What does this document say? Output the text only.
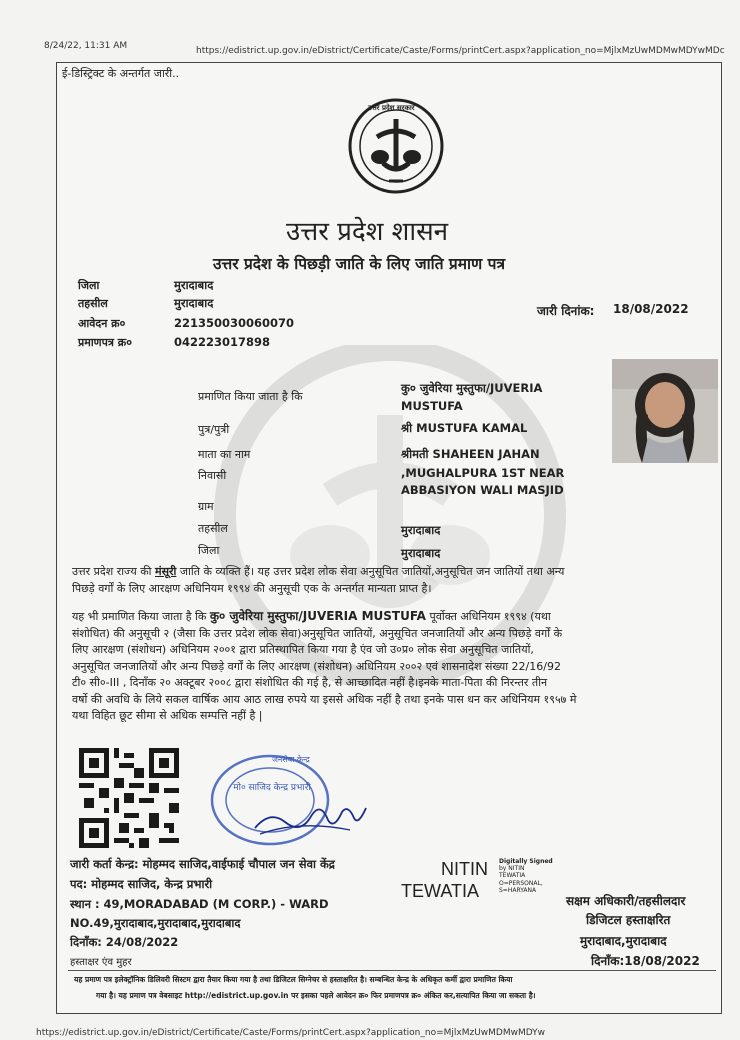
8/24/22, 11:31 AM	https://edistrict.up.gov.in/eDistrict/Certificate/Caste/Forms/printCert.aspx?application_no=MjlxMzUwMDMwMDYwMDc
https://edistrict.up.gov.in/eDistrict/Certificate/Caste/Forms/printCert.aspx?application_no=MjlxMzUwMDMwMDYw
ई-डिस्ट्रिक्ट के अन्तर्गत जारी..
उत्तर प्रदेश सरकार
उत्तर प्रदेश शासन
उत्तर प्रदेश के पिछड़ी जाति के लिए जाति प्रमाण पत्र
जिला	मुरादाबाद
तहसील	मुरादाबाद
आवेदन क्र०	221350030060070
प्रमाणपत्र क्र०	042223017898
जारी दिनांक: 18/08/2022
प्रमाणित किया जाता है कि
कु० जुवेरिया मुस्तुफा/JUVERIA
MUSTUFA
पुत्र/पुत्री	श्री MUSTUFA KAMAL
माता का नाम	श्रीमती SHAHEEN JAHAN
निवासी	,MUGHALPURA 1ST NEAR
ABBASIYON WALI MASJID
ग्राम
तहसील	मुरादाबाद
जिला	मुरादाबाद
उत्तर प्रदेश राज्य की मंसूरी जाति के व्यक्ति हैं। यह उत्तर प्रदेश लोक सेवा अनुसूचित जातियों,अनुसूचित जन जातियों तथा अन्य
पिछड़े वर्गों के लिए आरक्षण अधिनियम १९९४ की अनुसूची एक के अन्तर्गत मान्यता प्राप्त है।
यह भी प्रमाणित किया जाता है कि कु० जुवेरिया मुस्तुफा/JUVERIA MUSTUFA पूर्वोक्त अधिनियम १९९४ (यथा
संशोधित) की अनुसूची २ (जैसा कि उत्तर प्रदेश लोक सेवा)अनुसूचित जातियों, अनुसूचित जनजातियों और अन्य पिछड़े वर्गों के
लिए आरक्षण (संशोधन) अधिनियम २००१ द्वारा प्रतिस्थापित किया गया है एंव जो उ०प्र० लोक सेवा अनुसूचित जातियों,
अनुसूचित जनजातियों और अन्य पिछड़े वर्गों के लिए आरक्षण (संशोधन) अधिनियम २००२ एवं शासनादेश संख्या 22/16/92
टी० सी०-III , दिनाँक २० अक्टूबर २००८ द्वारा संशोधित की गई है, से आच्छादित नहीं है।इनके माता-पिता की निरन्तर तीन
वर्षो की अवधि के लिये सकल वार्षिक आय आठ लाख रुपये या इससे अधिक नहीं है तथा इनके पास धन कर अधिनियम १९५७ मे
यथा विहित छूट सीमा से अधिक सम्पत्ति नहीं है |
मो० साजिद केन्द्र प्रभारी
जनसेवा केन्द्र
जारी कर्ता केन्द्र: मोहम्मद साजिद,वाईफाई चौपाल जन सेवा केंद्र
पद: मोहम्मद साजिद, केन्द्र प्रभारी
स्थान : 49,MORADABAD (M CORP.) - WARD
NO.49,मुरादाबाद,मुरादाबाद,मुरादाबाद
दिनाँक: 24/08/2022
हस्ताक्षर एंव मुहर
NITIN
TEWATIA
Digitally Signed
by NITIN
TEWATIA
O=PERSONAL,
S=HARYANA
सक्षम अधिकारी/तहसीलदार
डिजिटल हस्ताक्षरित
मुरादाबाद,मुरादाबाद
दिनाँक:18/08/2022
यह प्रमाण पत्र इलेक्ट्रॉनिक डिलिवरी सिस्टम द्वारा तैयार किया गया है तथा डिजिटल सिग्नेचर से हस्ताक्षरित है। सम्बन्धित केन्द्र के अधिकृत कर्मी द्वारा प्रमाणित किया
गया है। यह प्रमाण पत्र वेबसाइट http://edistrict.up.gov.in पर इसका पहले आवेदन क्र० फिर प्रमाणपत्र क्र० अंकित कर,सत्यापित किया जा सकता है।
